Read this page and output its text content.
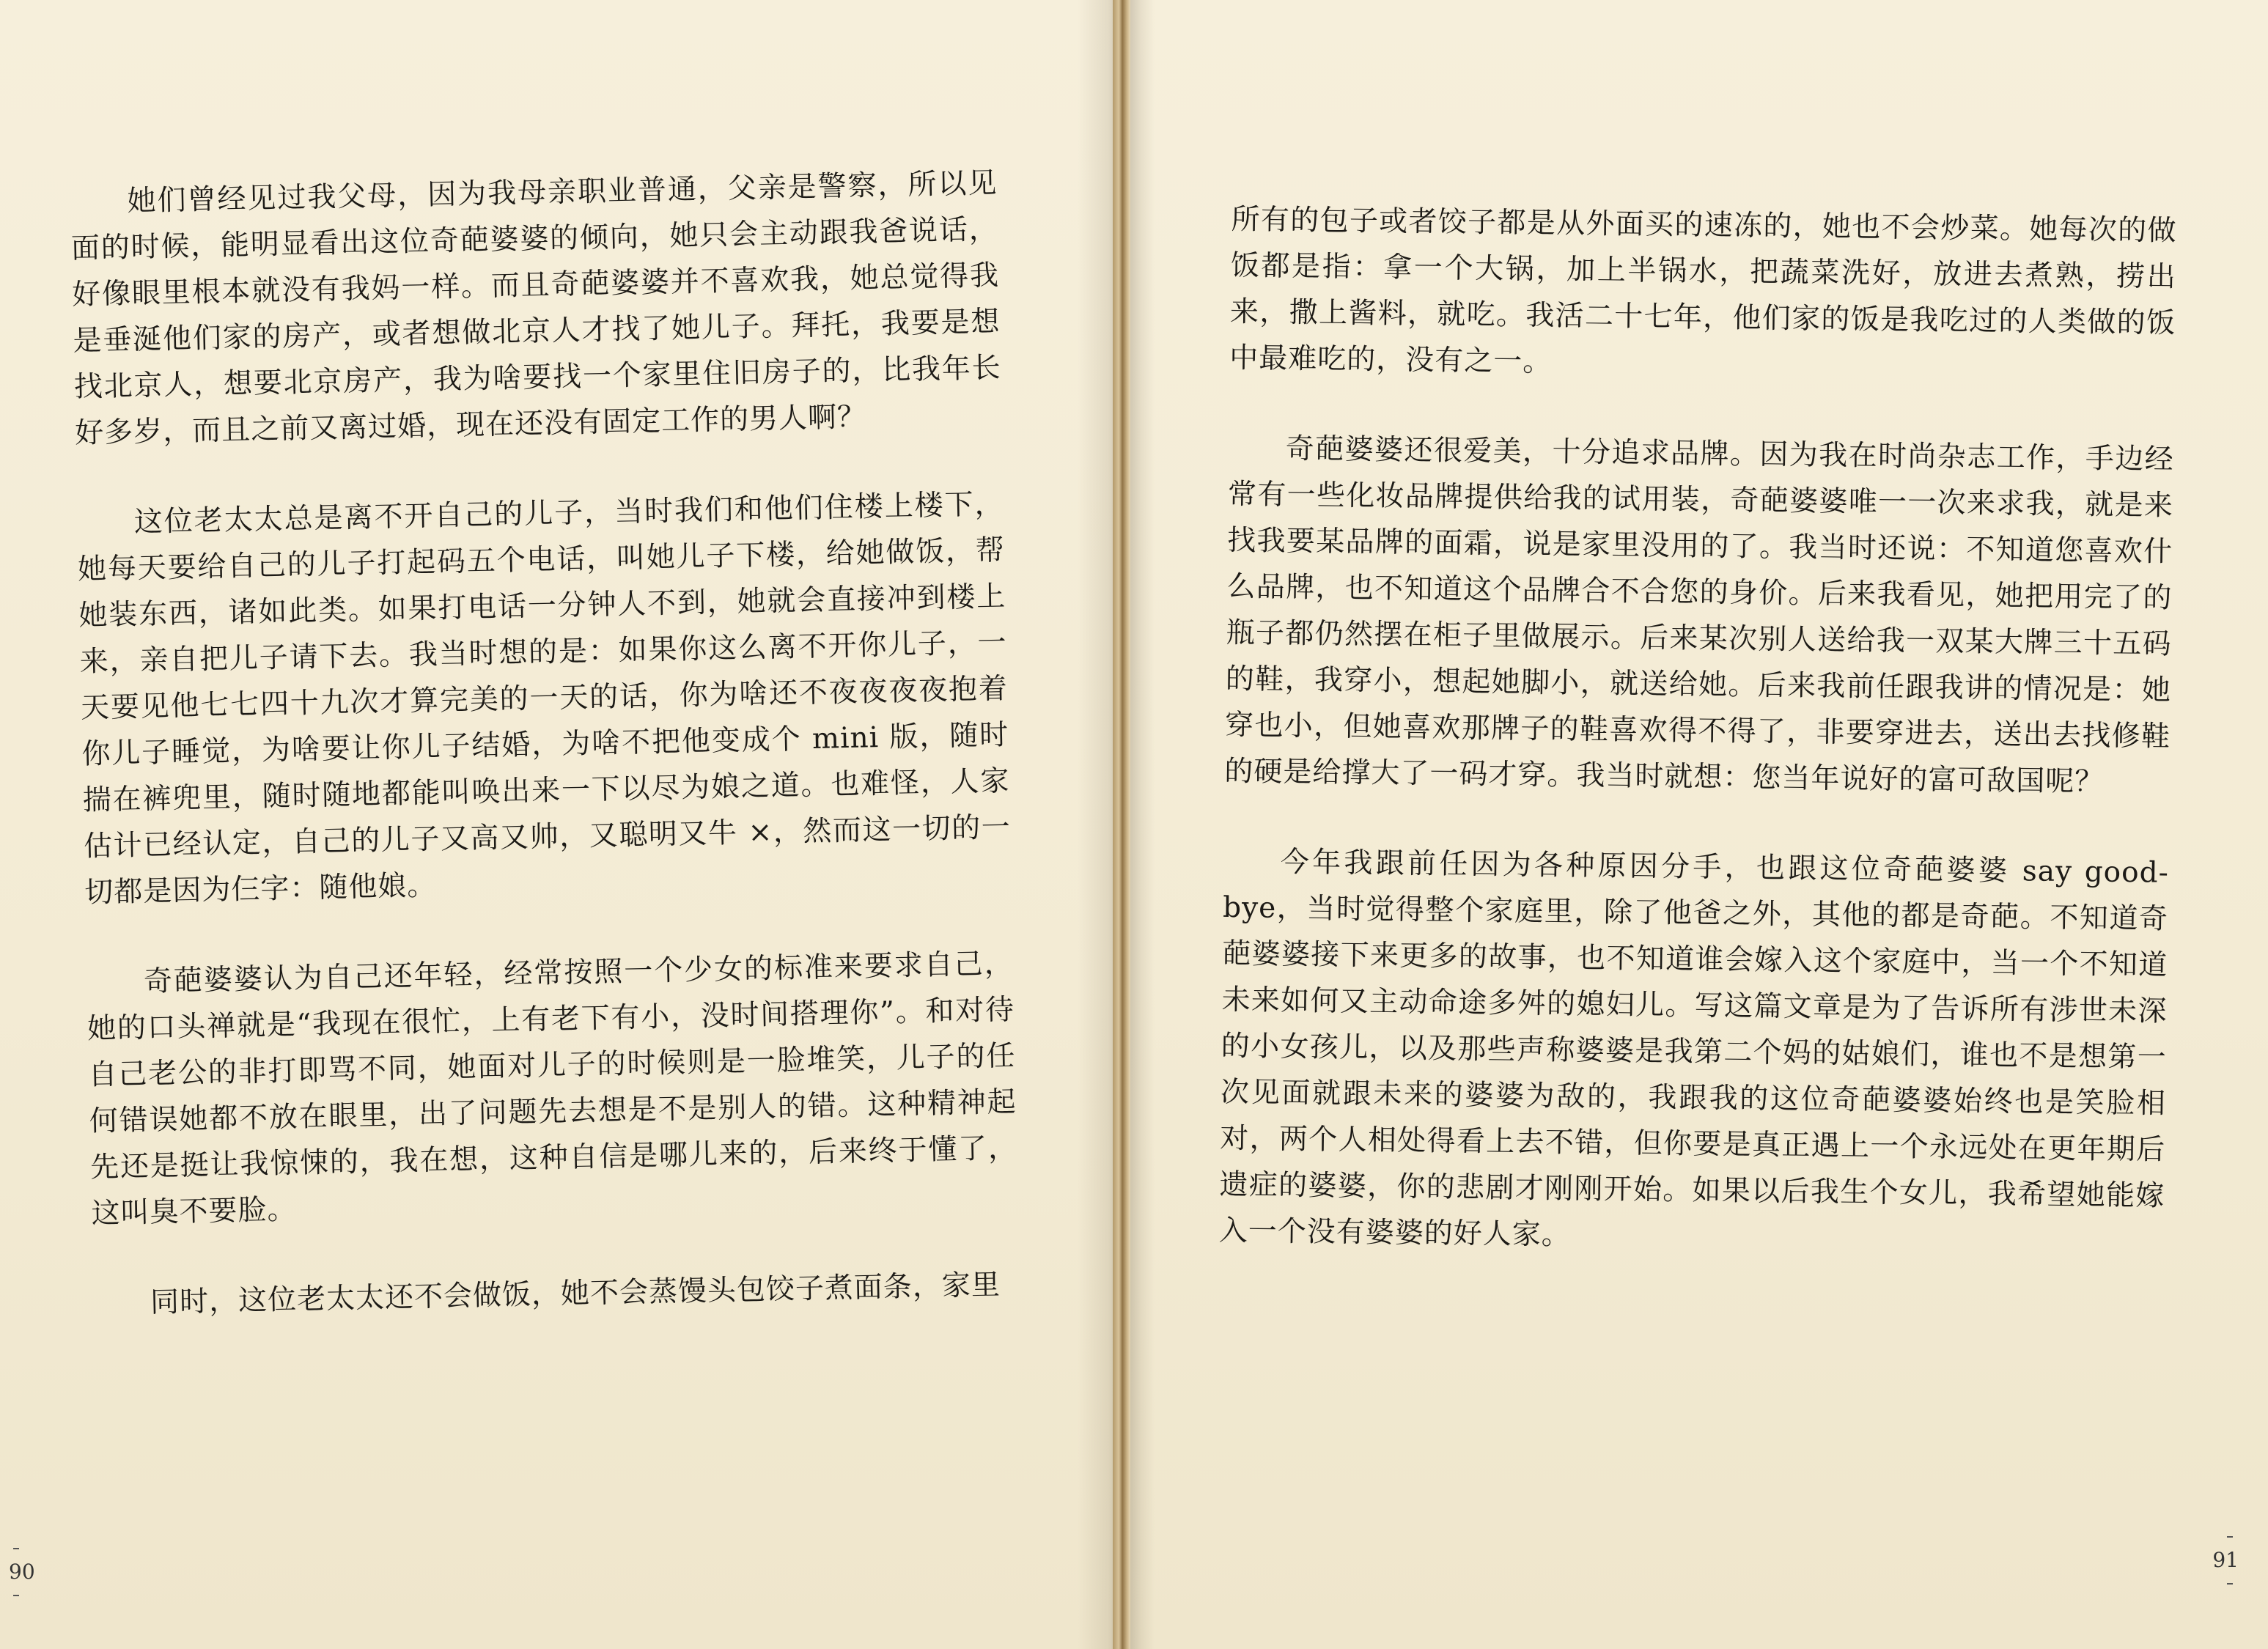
她们曾经见过我父母，因为我母亲职业普通，父亲是警察，所以见面的时候，能明显看出这位奇葩婆婆的倾向，她只会主动跟我爸说话，好像眼里根本就没有我妈一样。而且奇葩婆婆并不喜欢我，她总觉得我是垂涎他们家的房产，或者想做北京人才找了她儿子。拜托，我要是想找北京人，想要北京房产，我为啥要找一个家里住旧房子的，比我年长好多岁，而且之前又离过婚，现在还没有固定工作的男人啊？

这位老太太总是离不开自己的儿子，当时我们和他们住楼上楼下，她每天要给自己的儿子打起码五个电话，叫她儿子下楼，给她做饭，帮她装东西，诸如此类。如果打电话一分钟人不到，她就会直接冲到楼上来，亲自把儿子请下去。我当时想的是：如果你这么离不开你儿子，一天要见他七七四十九次才算完美的一天的话，你为啥还不夜夜夜夜抱着你儿子睡觉，为啥要让你儿子结婚，为啥不把他变成个 mini 版，随时揣在裤兜里，随时随地都能叫唤出来一下以尽为娘之道。也难怪，人家估计已经认定，自己的儿子又高又帅，又聪明又牛 ×，然而这一切的一切都是因为仨字：随他娘。

奇葩婆婆认为自己还年轻，经常按照一个少女的标准来要求自己，她的口头禅就是“我现在很忙，上有老下有小，没时间搭理你”。和对待自己老公的非打即骂不同，她面对儿子的时候则是一脸堆笑，儿子的任何错误她都不放在眼里，出了问题先去想是不是别人的错。这种精神起先还是挺让我惊悚的，我在想，这种自信是哪儿来的，后来终于懂了，这叫臭不要脸。

同时，这位老太太还不会做饭，她不会蒸馒头包饺子煮面条，家里

90

所有的包子或者饺子都是从外面买的速冻的，她也不会炒菜。她每次的做饭都是指：拿一个大锅，加上半锅水，把蔬菜洗好，放进去煮熟，捞出来，撒上酱料，就吃。我活二十七年，他们家的饭是我吃过的人类做的饭中最难吃的，没有之一。

奇葩婆婆还很爱美，十分追求品牌。因为我在时尚杂志工作，手边经常有一些化妆品牌提供给我的试用装，奇葩婆婆唯一一次来求我，就是来找我要某品牌的面霜，说是家里没用的了。我当时还说：不知道您喜欢什么品牌，也不知道这个品牌合不合您的身价。后来我看见，她把用完了的瓶子都仍然摆在柜子里做展示。后来某次别人送给我一双某大牌三十五码的鞋，我穿小，想起她脚小，就送给她。后来我前任跟我讲的情况是：她穿也小，但她喜欢那牌子的鞋喜欢得不得了，非要穿进去，送出去找修鞋的硬是给撑大了一码才穿。我当时就想：您当年说好的富可敌国呢？

今年我跟前任因为各种原因分手，也跟这位奇葩婆婆 say good-bye，当时觉得整个家庭里，除了他爸之外，其他的都是奇葩。不知道奇葩婆婆接下来更多的故事，也不知道谁会嫁入这个家庭中，当一个不知道未来如何又主动命途多舛的媳妇儿。写这篇文章是为了告诉所有涉世未深的小女孩儿，以及那些声称婆婆是我第二个妈的姑娘们，谁也不是想第一次见面就跟未来的婆婆为敌的，我跟我的这位奇葩婆婆始终也是笑脸相对，两个人相处得看上去不错，但你要是真正遇上一个永远处在更年期后遗症的婆婆，你的悲剧才刚刚开始。如果以后我生个女儿，我希望她能嫁入一个没有婆婆的好人家。

91
